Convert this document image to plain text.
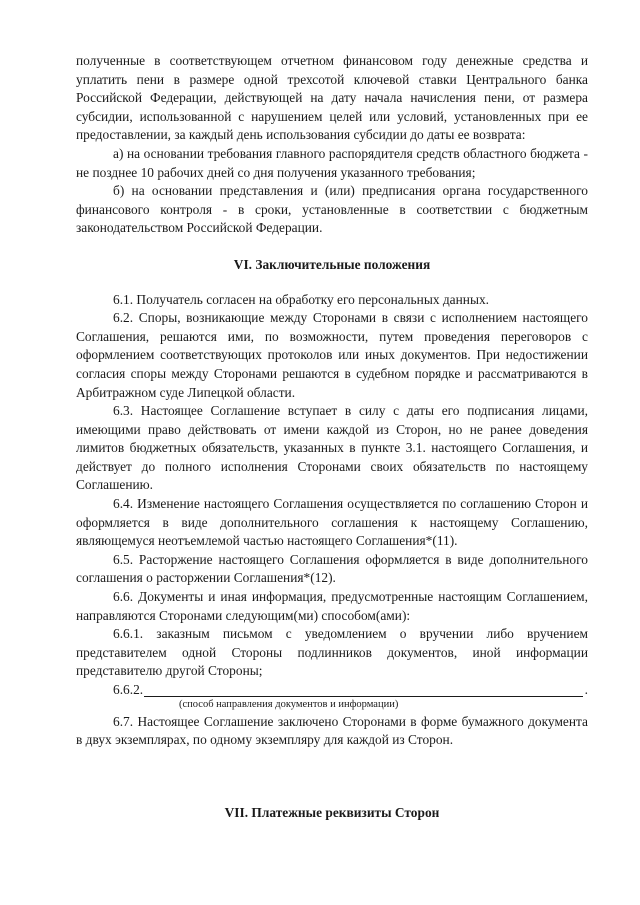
полученные в соответствующем отчетном финансовом году денежные средства и уплатить пени в размере одной трехсотой ключевой ставки Центрального банка Российской Федерации, действующей на дату начала начисления пени, от размера субсидии, использованной с нарушением целей или условий, установленных при ее предоставлении, за каждый день использования субсидии до даты ее возврата:

а) на основании требования главного распорядителя средств областного бюджета - не позднее 10 рабочих дней со дня получения указанного требования;

б) на основании представления и (или) предписания органа государственного финансового контроля - в сроки, установленные в соответствии с бюджетным законодательством Российской Федерации.

VI. Заключительные положения

6.1. Получатель согласен на обработку его персональных данных.

6.2. Споры, возникающие между Сторонами в связи с исполнением настоящего Соглашения, решаются ими, по возможности, путем проведения переговоров с оформлением соответствующих протоколов или иных документов. При недостижении согласия споры между Сторонами решаются в судебном порядке и рассматриваются в Арбитражном суде Липецкой области.

6.3. Настоящее Соглашение вступает в силу с даты его подписания лицами, имеющими право действовать от имени каждой из Сторон, но не ранее доведения лимитов бюджетных обязательств, указанных в пункте 3.1. настоящего Соглашения, и действует до полного исполнения Сторонами своих обязательств по настоящему Соглашению.

6.4. Изменение настоящего Соглашения осуществляется по соглашению Сторон и оформляется в виде дополнительного соглашения к настоящему Соглашению, являющемуся неотъемлемой частью настоящего Соглашения*(11).

6.5. Расторжение настоящего Соглашения оформляется в виде дополнительного соглашения о расторжении Соглашения*(12).

6.6. Документы и иная информация, предусмотренные настоящим Соглашением, направляются Сторонами следующим(ми) способом(ами):

6.6.1. заказным письмом с уведомлением о вручении либо вручением представителем одной Стороны подлинников документов, иной информации представителю другой Стороны;

6.6.2.	.
(способ направления документов и информации)

6.7. Настоящее Соглашение заключено Сторонами в форме бумажного документа в двух экземплярах, по одному экземпляру для каждой из Сторон.

VII. Платежные реквизиты Сторон
